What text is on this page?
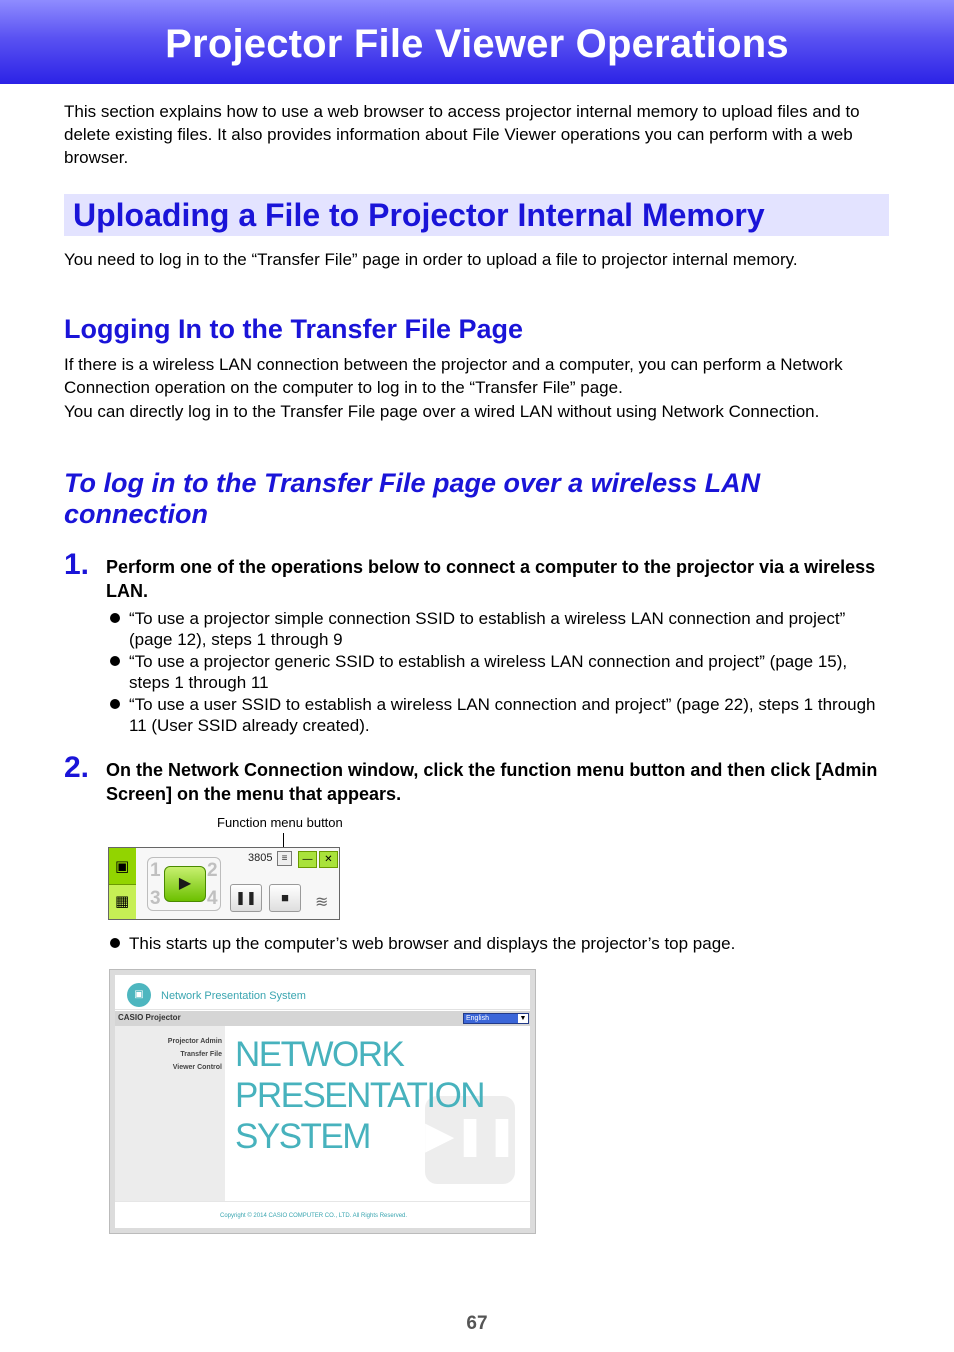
Projector File Viewer Operations

This section explains how to use a web browser to access projector internal memory to upload files and to delete existing files. It also provides information about File Viewer operations you can perform with a web browser.

Uploading a File to Projector Internal Memory

You need to log in to the “Transfer File” page in order to upload a file to projector internal memory.

Logging In to the Transfer File Page

If there is a wireless LAN connection between the projector and a computer, you can perform a Network Connection operation on the computer to log in to the “Transfer File” page.

You can directly log in to the Transfer File page over a wired LAN without using Network Connection.

To log in to the Transfer File page over a wireless LAN connection
1. Perform one of the operations below to connect a computer to the projector via a wireless LAN.
“To use a projector simple connection SSID to establish a wireless LAN connection and project” (page 12), steps 1 through 9
“To use a projector generic SSID to establish a wireless LAN connection and project” (page 15), steps 1 through 11
“To use a user SSID to establish a wireless LAN connection and project” (page 22), steps 1 through 11 (User SSID already created).
2. On the Network Connection window, click the function menu button and then click [Admin Screen] on the menu that appears.
Function menu button
▣
▦
1 2
3 4
▶
3805 ≡	—	✕
❚❚	■	≋
This starts up the computer’s web browser and displays the projector’s top page.
▣	Network Presentation System
CASIO Projector	English	▼
Projector Admin
Transfer File
Viewer Control
▶❚❚
NETWORK
PRESENTATION
SYSTEM
Copyright © 2014 CASIO COMPUTER CO., LTD. All Rights Reserved.
67
